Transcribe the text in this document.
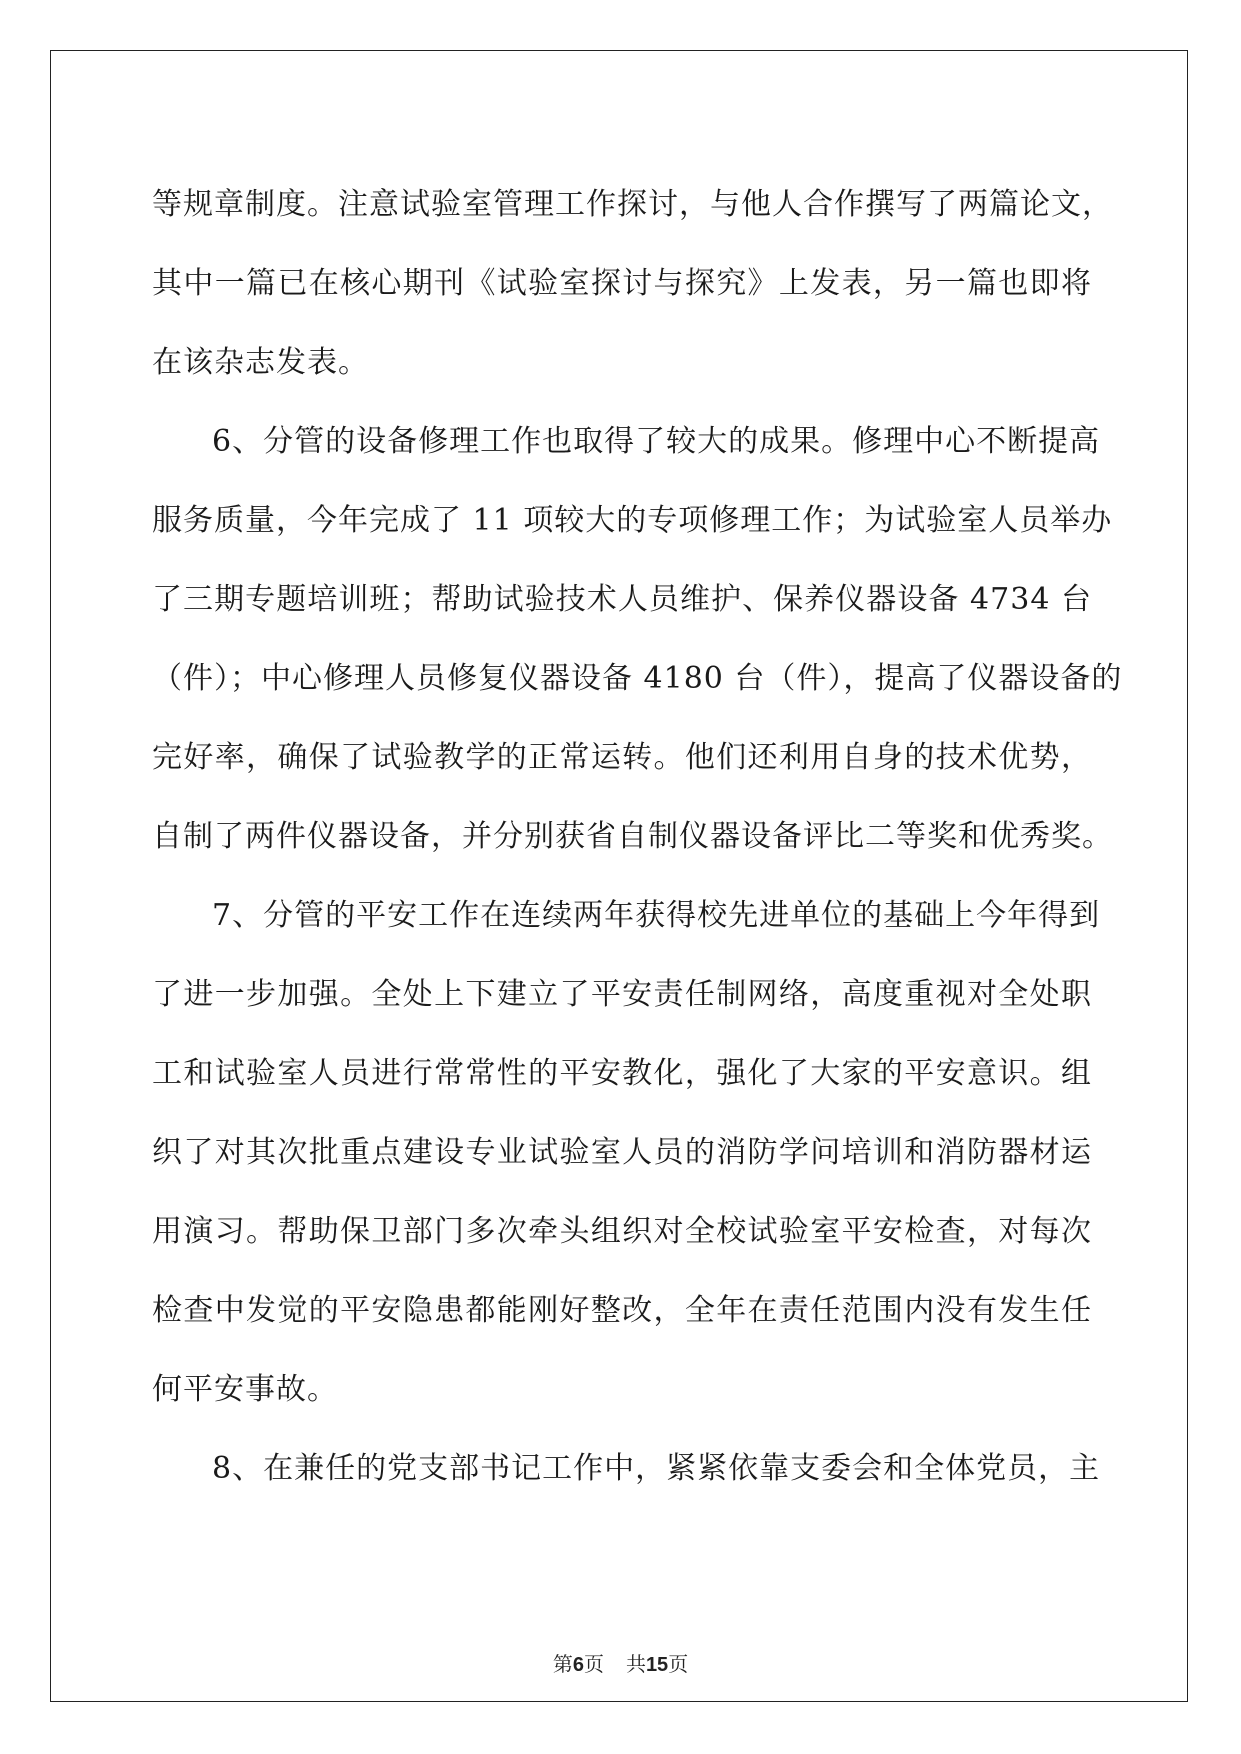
等规章制度。注意试验室管理工作探讨，与他人合作撰写了两篇论文，
其中一篇已在核心期刊《试验室探讨与探究》上发表，另一篇也即将
在该杂志发表。
6、分管的设备修理工作也取得了较大的成果。修理中心不断提高
服务质量，今年完成了 11 项较大的专项修理工作；为试验室人员举办
了三期专题培训班；帮助试验技术人员维护、保养仪器设备 4734 台
（件）；中心修理人员修复仪器设备 4180 台（件），提高了仪器设备的
完好率，确保了试验教学的正常运转。他们还利用自身的技术优势，
自制了两件仪器设备，并分别获省自制仪器设备评比二等奖和优秀奖。
7、分管的平安工作在连续两年获得校先进单位的基础上今年得到
了进一步加强。全处上下建立了平安责任制网络，高度重视对全处职
工和试验室人员进行常常性的平安教化，强化了大家的平安意识。组
织了对其次批重点建设专业试验室人员的消防学问培训和消防器材运
用演习。帮助保卫部门多次牵头组织对全校试验室平安检查，对每次
检查中发觉的平安隐患都能刚好整改，全年在责任范围内没有发生任
何平安事故。
8、在兼任的党支部书记工作中，紧紧依靠支委会和全体党员，主
第6页 共15页
